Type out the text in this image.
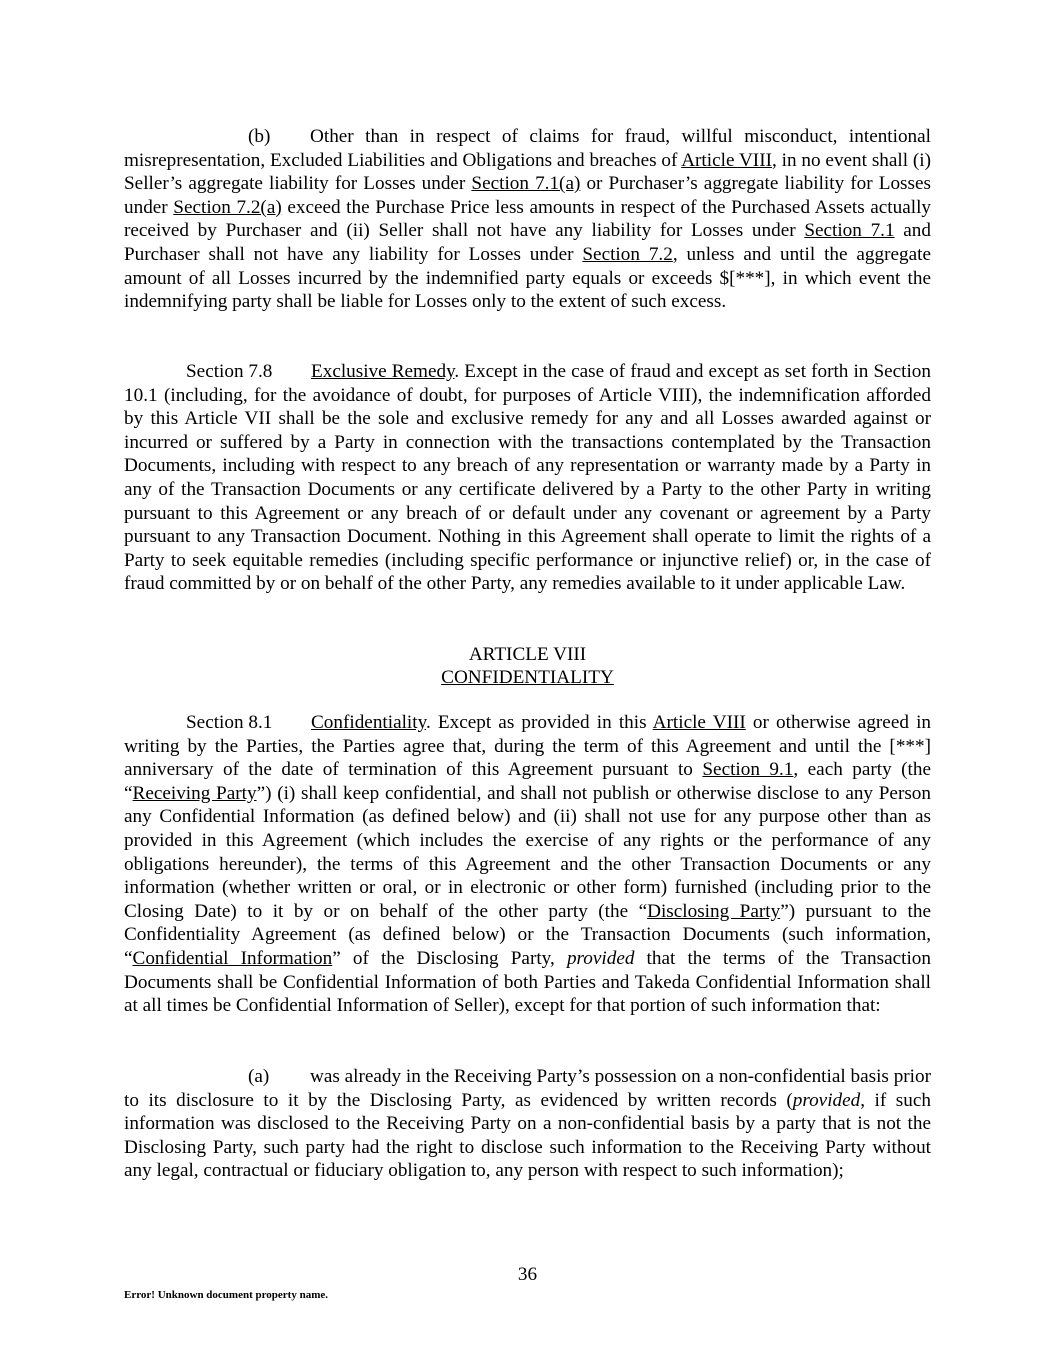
(b) Other than in respect of claims for fraud, willful misconduct, intentional misrepresentation, Excluded Liabilities and Obligations and breaches of Article VIII, in no event shall (i) Seller’s aggregate liability for Losses under Section 7.1(a) or Purchaser’s aggregate liability for Losses under Section 7.2(a) exceed the Purchase Price less amounts in respect of the Purchased Assets actually received by Purchaser and (ii) Seller shall not have any liability for Losses under Section 7.1 and Purchaser shall not have any liability for Losses under Section 7.2, unless and until the aggregate amount of all Losses incurred by the indemnified party equals or exceeds $[***], in which event the indemnifying party shall be liable for Losses only to the extent of such excess.

Section 7.8 Exclusive Remedy. Except in the case of fraud and except as set forth in Section 10.1 (including, for the avoidance of doubt, for purposes of Article VIII), the indemnification afforded by this Article VII shall be the sole and exclusive remedy for any and all Losses awarded against or incurred or suffered by a Party in connection with the transactions contemplated by the Transaction Documents, including with respect to any breach of any representation or warranty made by a Party in any of the Transaction Documents or any certificate delivered by a Party to the other Party in writing pursuant to this Agreement or any breach of or default under any covenant or agreement by a Party pursuant to any Transaction Document. Nothing in this Agreement shall operate to limit the rights of a Party to seek equitable remedies (including specific performance or injunctive relief) or, in the case of fraud committed by or on behalf of the other Party, any remedies available to it under applicable Law.

ARTICLE VIII

CONFIDENTIALITY

Section 8.1 Confidentiality. Except as provided in this Article VIII or otherwise agreed in writing by the Parties, the Parties agree that, during the term of this Agreement and until the [***] anniversary of the date of termination of this Agreement pursuant to Section 9.1, each party (the “Receiving Party”) (i) shall keep confidential, and shall not publish or otherwise disclose to any Person any Confidential Information (as defined below) and (ii) shall not use for any purpose other than as provided in this Agreement (which includes the exercise of any rights or the performance of any obligations hereunder), the terms of this Agreement and the other Transaction Documents or any information (whether written or oral, or in electronic or other form) furnished (including prior to the Closing Date) to it by or on behalf of the other party (the “Disclosing Party”) pursuant to the Confidentiality Agreement (as defined below) or the Transaction Documents (such information, “Confidential Information” of the Disclosing Party, provided that the terms of the Transaction Documents shall be Confidential Information of both Parties and Takeda Confidential Information shall at all times be Confidential Information of Seller), except for that portion of such information that:

(a) was already in the Receiving Party’s possession on a non-confidential basis prior to its disclosure to it by the Disclosing Party, as evidenced by written records (provided, if such information was disclosed to the Receiving Party on a non-confidential basis by a party that is not the Disclosing Party, such party had the right to disclose such information to the Receiving Party without any legal, contractual or fiduciary obligation to, any person with respect to such information);

36
Error! Unknown document property name.
